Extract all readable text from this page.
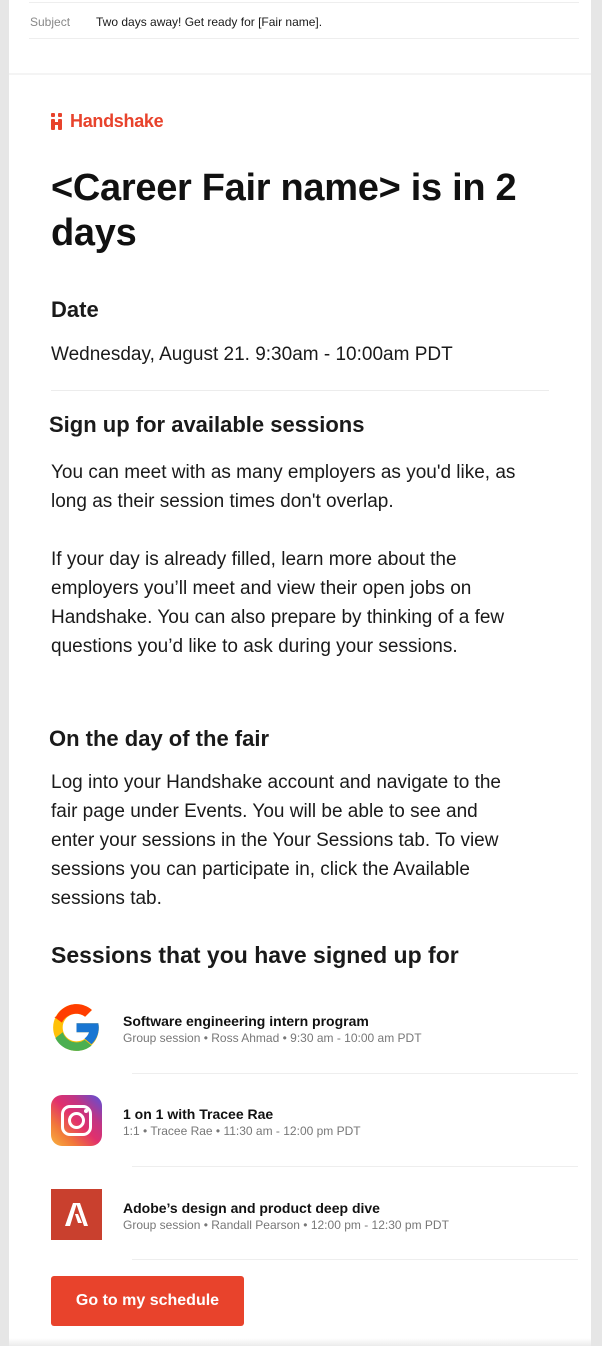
Subject Two days away! Get ready for [Fair name].
Handshake
<Career Fair name> is in 2 days
Date
Wednesday, August 21. 9:30am - 10:00am PDT
Sign up for available sessions
You can meet with as many employers as you'd like, as long as their session times don't overlap.
If your day is already filled, learn more about the employers you’ll meet and view their open jobs on Handshake. You can also prepare by thinking of a few questions you’d like to ask during your sessions.
On the day of the fair
Log into your Handshake account and navigate to the fair page under Events. You will be able to see and enter your sessions in the Your Sessions tab. To view sessions you can participate in, click the Available sessions tab.
Sessions that you have signed up for
Software engineering intern program
Group session • Ross Ahmad • 9:30 am - 10:00 am PDT
1 on 1 with Tracee Rae
1:1 • Tracee Rae • 11:30 am - 12:00 pm PDT
Adobe’s design and product deep dive
Group session • Randall Pearson • 12:00 pm - 12:30 pm PDT
Go to my schedule
